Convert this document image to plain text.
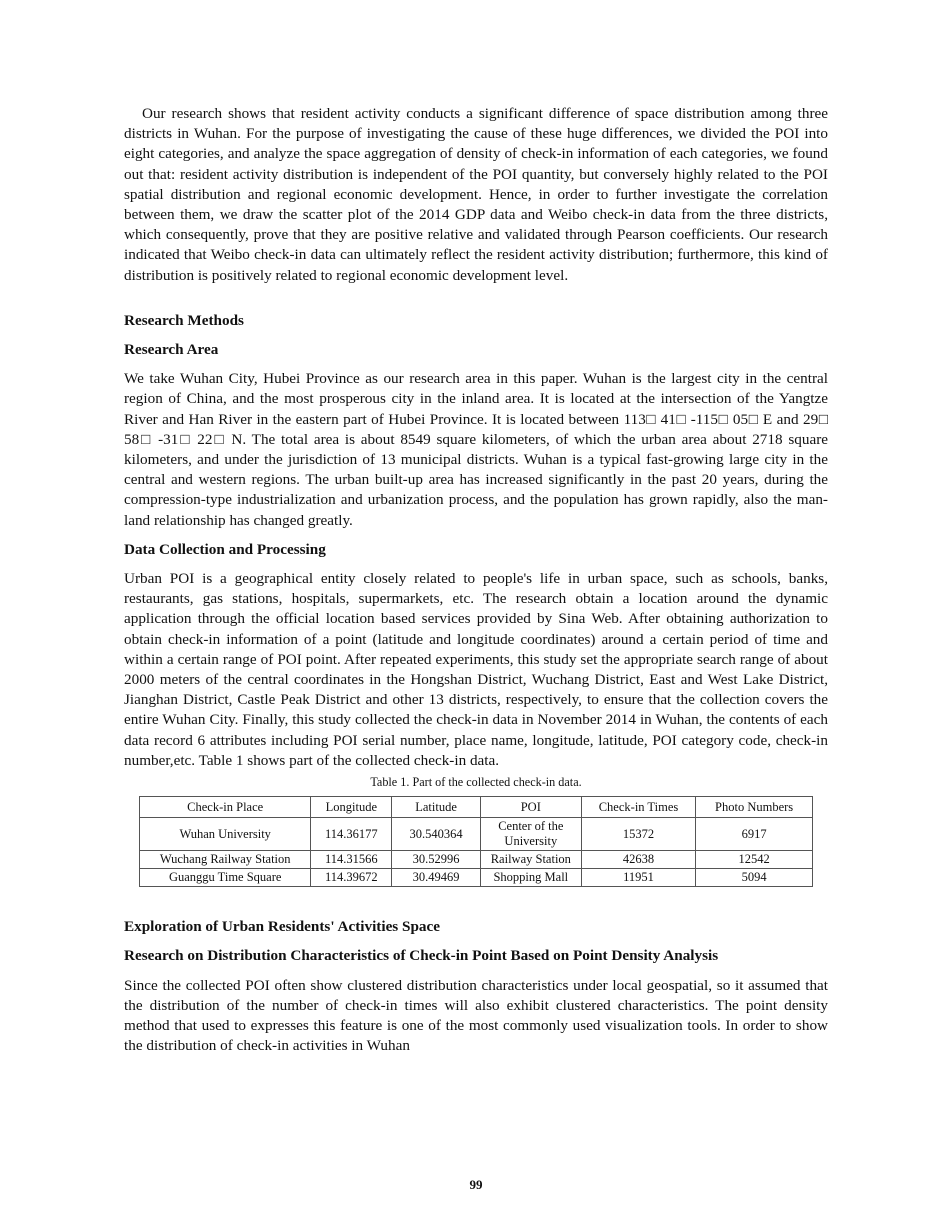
Our research shows that resident activity conducts a significant difference of space distribution among three districts in Wuhan. For the purpose of investigating the cause of these huge differences, we divided the POI into eight categories, and analyze the space aggregation of density of check-in information of each categories, we found out that: resident activity distribution is independent of the POI quantity, but conversely highly related to the POI spatial distribution and regional economic development. Hence, in order to further investigate the correlation between them, we draw the scatter plot of the 2014 GDP data and Weibo check-in data from the three districts, which consequently, prove that they are positive relative and validated through Pearson coefficients. Our research indicated that Weibo check-in data can ultimately reflect the resident activity distribution; furthermore, this kind of distribution is positively related to regional economic development level.

Research Methods
Research Area

We take Wuhan City, Hubei Province as our research area in this paper. Wuhan is the largest city in the central region of China, and the most prosperous city in the inland area. It is located at the intersection of the Yangtze River and Han River in the eastern part of Hubei Province. It is located between 113□ 41□ -115□ 05□ E and 29□ 58□ -31□ 22□ N. The total area is about 8549 square kilometers, of which the urban area about 2718 square kilometers, and under the jurisdiction of 13 municipal districts. Wuhan is a typical fast-growing large city in the central and western regions. The urban built-up area has increased significantly in the past 20 years, during the compression-type industrialization and urbanization process, and the population has grown rapidly, also the man-land relationship has changed greatly.

Data Collection and Processing

Urban POI is a geographical entity closely related to people's life in urban space, such as schools, banks, restaurants, gas stations, hospitals, supermarkets, etc. The research obtain a location around the dynamic application through the official location based services provided by Sina Web. After obtaining authorization to obtain check-in information of a point (latitude and longitude coordinates) around a certain period of time and within a certain range of POI point. After repeated experiments, this study set the appropriate search range of about 2000 meters of the central coordinates in the Hongshan District, Wuchang District, East and West Lake District, Jianghan District, Castle Peak District and other 13 districts, respectively, to ensure that the collection covers the entire Wuhan City. Finally, this study collected the check-in data in November 2014 in Wuhan, the contents of each data record 6 attributes including POI serial number, place name, longitude, latitude, POI category code, check-in number,etc. Table 1 shows part of the collected check-in data.

Table 1. Part of the collected check-in data.
Check-in Place	Longitude	Latitude	POI	Check-in Times	Photo Numbers
Wuhan University	114.36177	30.540364	Center of the University	15372	6917
Wuchang Railway Station	114.31566	30.52996	Railway Station	42638	12542
Guanggu Time Square	114.39672	30.49469	Shopping Mall	11951	5094
Exploration of Urban Residents' Activities Space
Research on Distribution Characteristics of Check-in Point Based on Point Density Analysis

Since the collected POI often show clustered distribution characteristics under local geospatial, so it assumed that the distribution of the number of check-in times will also exhibit clustered characteristics. The point density method that used to expresses this feature is one of the most commonly used visualization tools. In order to show the distribution of check-in activities in Wuhan

99
